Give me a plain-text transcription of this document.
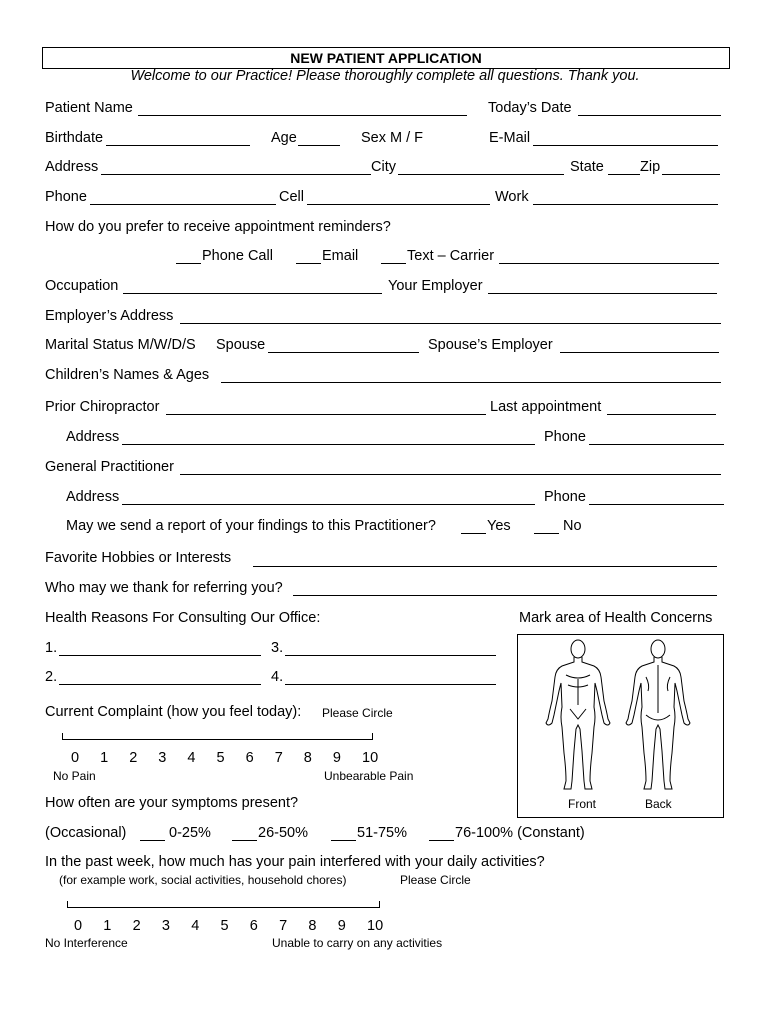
NEW PATIENT APPLICATION
Welcome to our Practice! Please thoroughly complete all questions. Thank you.
Patient Name	Today’s Date
Birthdate	Age	Sex M / F	E-Mail
Address	City	State Zip
Phone	Cell	Work
How do you prefer to receive appointment reminders?
Phone Call	Email	Text – Carrier
Occupation	Your Employer
Employer’s Address
Marital Status M/W/D/S Spouse	Spouse’s Employer
Children’s Names & Ages
Prior Chiropractor	Last appointment
Address	Phone
General Practitioner
Address	Phone
May we send a report of your findings to this Practitioner?	Yes	No
Favorite Hobbies or Interests
Who may we thank for referring you?
Health Reasons For Consulting Our Office:	Mark area of Health Concerns
1.	3.
2.	4.
Front	Back
Current Complaint (how you feel today): Please Circle
0 1 2 3 4 5 6 7 8 9 10
No Pain	Unbearable Pain
How often are your symptoms present?
(Occasional)	0-25%	26-50%	51-75%	76-100% (Constant)
In the past week, how much has your pain interfered with your daily activities?
(for example work, social activities, household chores)	Please Circle
0 1 2 3 4 5 6 7 8 9 10
No Interference	Unable to carry on any activities
